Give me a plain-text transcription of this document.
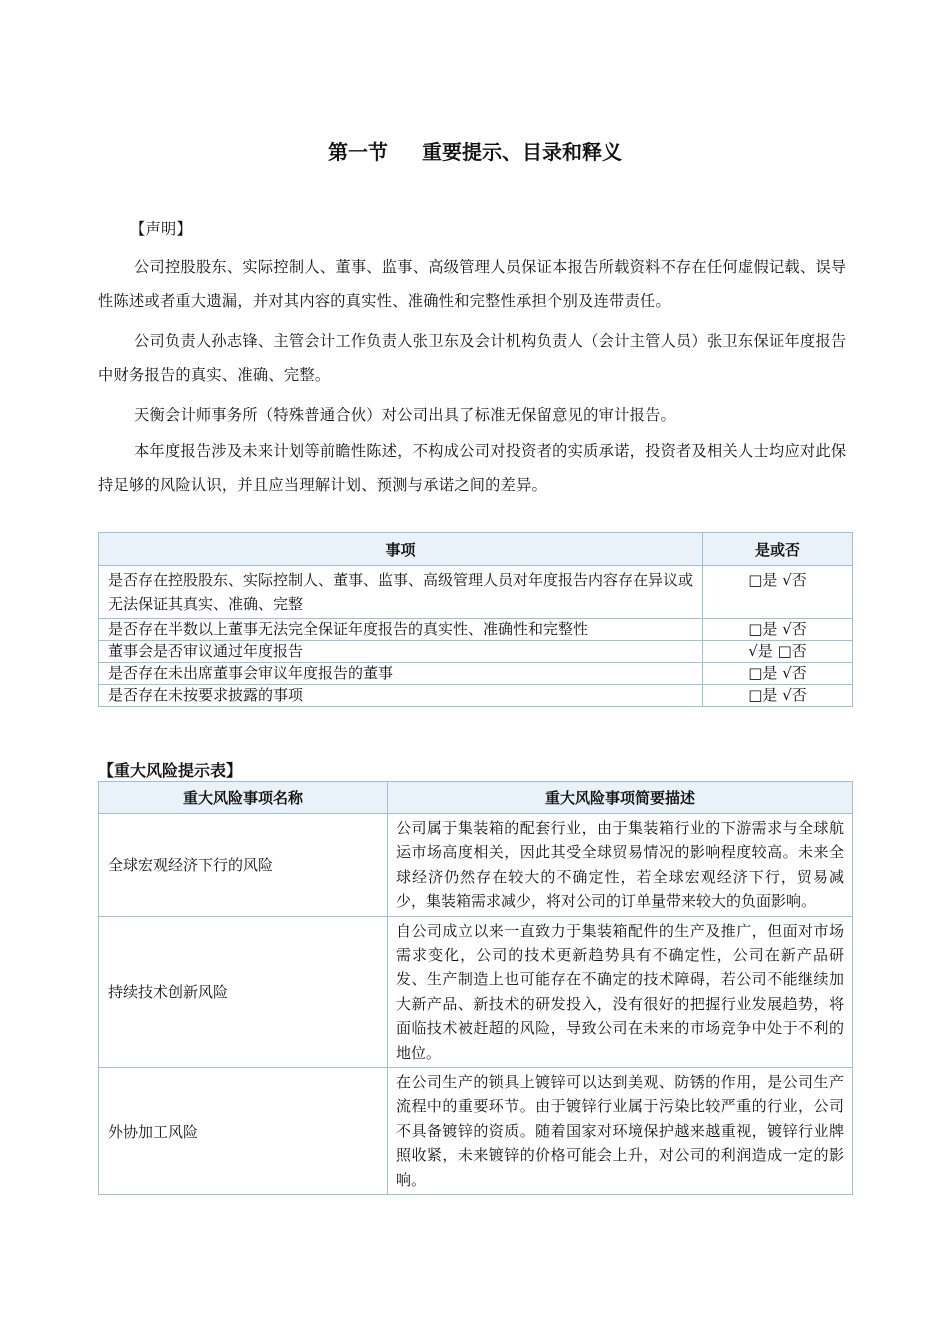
第一节 重要提示、目录和释义
【声明】
公司控股股东、实际控制人、董事、监事、高级管理人员保证本报告所载资料不存在任何虚假记载、误导性陈述或者重大遗漏，并对其内容的真实性、准确性和完整性承担个别及连带责任。
公司负责人孙志锋、主管会计工作负责人张卫东及会计机构负责人（会计主管人员）张卫东保证年度报告中财务报告的真实、准确、完整。
天衡会计师事务所（特殊普通合伙）对公司出具了标准无保留意见的审计报告。
本年度报告涉及未来计划等前瞻性陈述，不构成公司对投资者的实质承诺，投资者及相关人士均应对此保持足够的风险认识，并且应当理解计划、预测与承诺之间的差异。
事项	是或否
是否存在控股股东、实际控制人、董事、监事、高级管理人员对年度报告内容存在异议或无法保证其真实、准确、完整	□是 √否
是否存在半数以上董事无法完全保证年度报告的真实性、准确性和完整性	□是 √否
董事会是否审议通过年度报告	√是 □否
是否存在未出席董事会审议年度报告的董事	□是 √否
是否存在未按要求披露的事项	□是 √否
【重大风险提示表】
重大风险事项名称	重大风险事项简要描述
全球宏观经济下行的风险	公司属于集装箱的配套行业，由于集装箱行业的下游需求与全球航运市场高度相关，因此其受全球贸易情况的影响程度较高。未来全球经济仍然存在较大的不确定性，若全球宏观经济下行，贸易减少，集装箱需求减少，将对公司的订单量带来较大的负面影响。
持续技术创新风险	自公司成立以来一直致力于集装箱配件的生产及推广，但面对市场需求变化，公司的技术更新趋势具有不确定性，公司在新产品研发、生产制造上也可能存在不确定的技术障碍，若公司不能继续加大新产品、新技术的研发投入，没有很好的把握行业发展趋势，将面临技术被赶超的风险，导致公司在未来的市场竞争中处于不利的地位。
外协加工风险	在公司生产的锁具上镀锌可以达到美观、防锈的作用，是公司生产流程中的重要环节。由于镀锌行业属于污染比较严重的行业，公司不具备镀锌的资质。随着国家对环境保护越来越重视，镀锌行业牌照收紧，未来镀锌的价格可能会上升，对公司的利润造成一定的影响。
